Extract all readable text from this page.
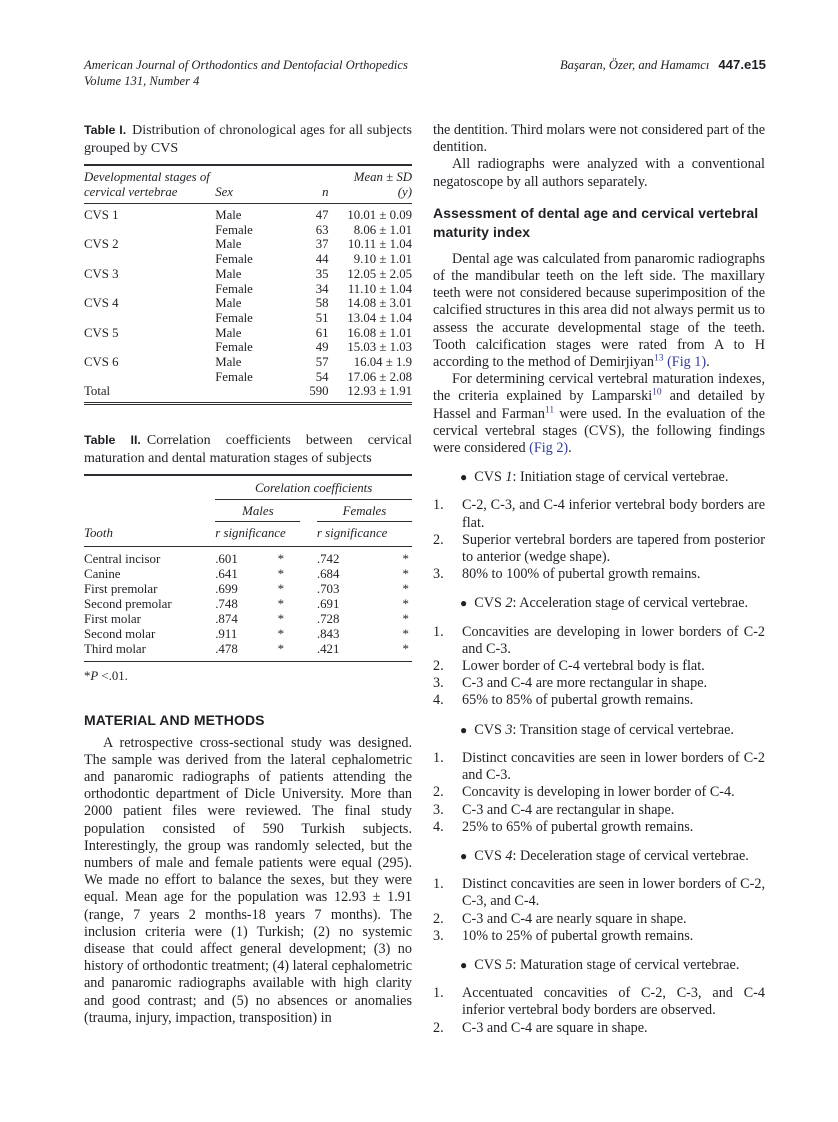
American Journal of Orthodontics and Dentofacial Orthopedics
Volume 131, Number 4
Başaran, Özer, and Hamamcı 447.e15
Table I. Distribution of chronological ages for all subjects grouped by CVS
Developmental stages of cervical vertebrae	Sex	n	Mean ± SD (y)
CVS 1	Male	47	10.01 ± 0.09
	Female	63	8.06 ± 1.01
CVS 2	Male	37	10.11 ± 1.04
	Female	44	9.10 ± 1.01
CVS 3	Male	35	12.05 ± 2.05
	Female	34	11.10 ± 1.04
CVS 4	Male	58	14.08 ± 3.01
	Female	51	13.04 ± 1.04
CVS 5	Male	61	16.08 ± 1.01
	Female	49	15.03 ± 1.03
CVS 6	Male	57	16.04 ± 1.9
	Female	54	17.06 ± 2.08
Total		590	12.93 ± 1.91
Table II. Correlation coefficients between cervical maturation and dental maturation stages of subjects
	Corelation coefficients				
	Males			Females	
Tooth	r significance			r significance	
Central incisor	.601	*		.742	*
Canine	.641	*		.684	*
First premolar	.699	*		.703	*
Second premolar	.748	*		.691	*
First molar	.874	*		.728	*
Second molar	.911	*		.843	*
Third molar	.478	*		.421	*
*P <.01.
MATERIAL AND METHODS

A retrospective cross-sectional study was designed. The sample was derived from the lateral cephalometric and panaromic radiographs of patients attending the orthodontic department of Dicle University. More than 2000 patient files were reviewed. The final study population consisted of 590 Turkish subjects. Interestingly, the group was randomly selected, but the numbers of male and female patients were equal (295). We made no effort to balance the sexes, but they were equal. Mean age for the population was 12.93 ± 1.91 (range, 7 years 2 months-18 years 7 months). The inclusion criteria were (1) Turkish; (2) no systemic disease that could affect general development; (3) no history of orthodontic treatment; (4) lateral cephalometric and panaromic radiographs available with high clarity and good contrast; and (5) no absences or anomalies (trauma, injury, impaction, transposition) in

the dentition. Third molars were not considered part of the dentition.

All radiographs were analyzed with a conventional negatoscope by all authors separately.

Assessment of dental age and cervical vertebral maturity index

Dental age was calculated from panaromic radiographs of the mandibular teeth on the left side. The maxillary teeth were not considered because superimposition of the calcified structures in this area did not always permit us to assess the accurate developmental stage of the teeth. Tooth calcification stages were rated from A to H according to the method of Demirjiyan$^{13}$ (Fig 1).

For determining cervical vertebral maturation indexes, the criteria explained by Lamparski$^{10}$ and detailed by Hassel and Farman$^{11}$ were used. In the evaluation of the cervical vertebral stages (CVS), the following findings were considered (Fig 2).

● CVS 1: Initiation stage of cervical vertebrae.
1.	C-2, C-3, and C-4 inferior vertebral body borders are flat.
2.	Superior vertebral borders are tapered from posterior to anterior (wedge shape).
3.	80% to 100% of pubertal growth remains.
● CVS 2: Acceleration stage of cervical vertebrae.
1.	Concavities are developing in lower borders of C-2 and C-3.
2.	Lower border of C-4 vertebral body is flat.
3.	C-3 and C-4 are more rectangular in shape.
4.	65% to 85% of pubertal growth remains.
● CVS 3: Transition stage of cervical vertebrae.
1.	Distinct concavities are seen in lower borders of C-2 and C-3.
2.	Concavity is developing in lower border of C-4.
3.	C-3 and C-4 are rectangular in shape.
4.	25% to 65% of pubertal growth remains.
● CVS 4: Deceleration stage of cervical vertebrae.
1.	Distinct concavities are seen in lower borders of C-2, C-3, and C-4.
2.	C-3 and C-4 are nearly square in shape.
3.	10% to 25% of pubertal growth remains.
● CVS 5: Maturation stage of cervical vertebrae.
1.	Accentuated concavities of C-2, C-3, and C-4 inferior vertebral body borders are observed.
2.	C-3 and C-4 are square in shape.
